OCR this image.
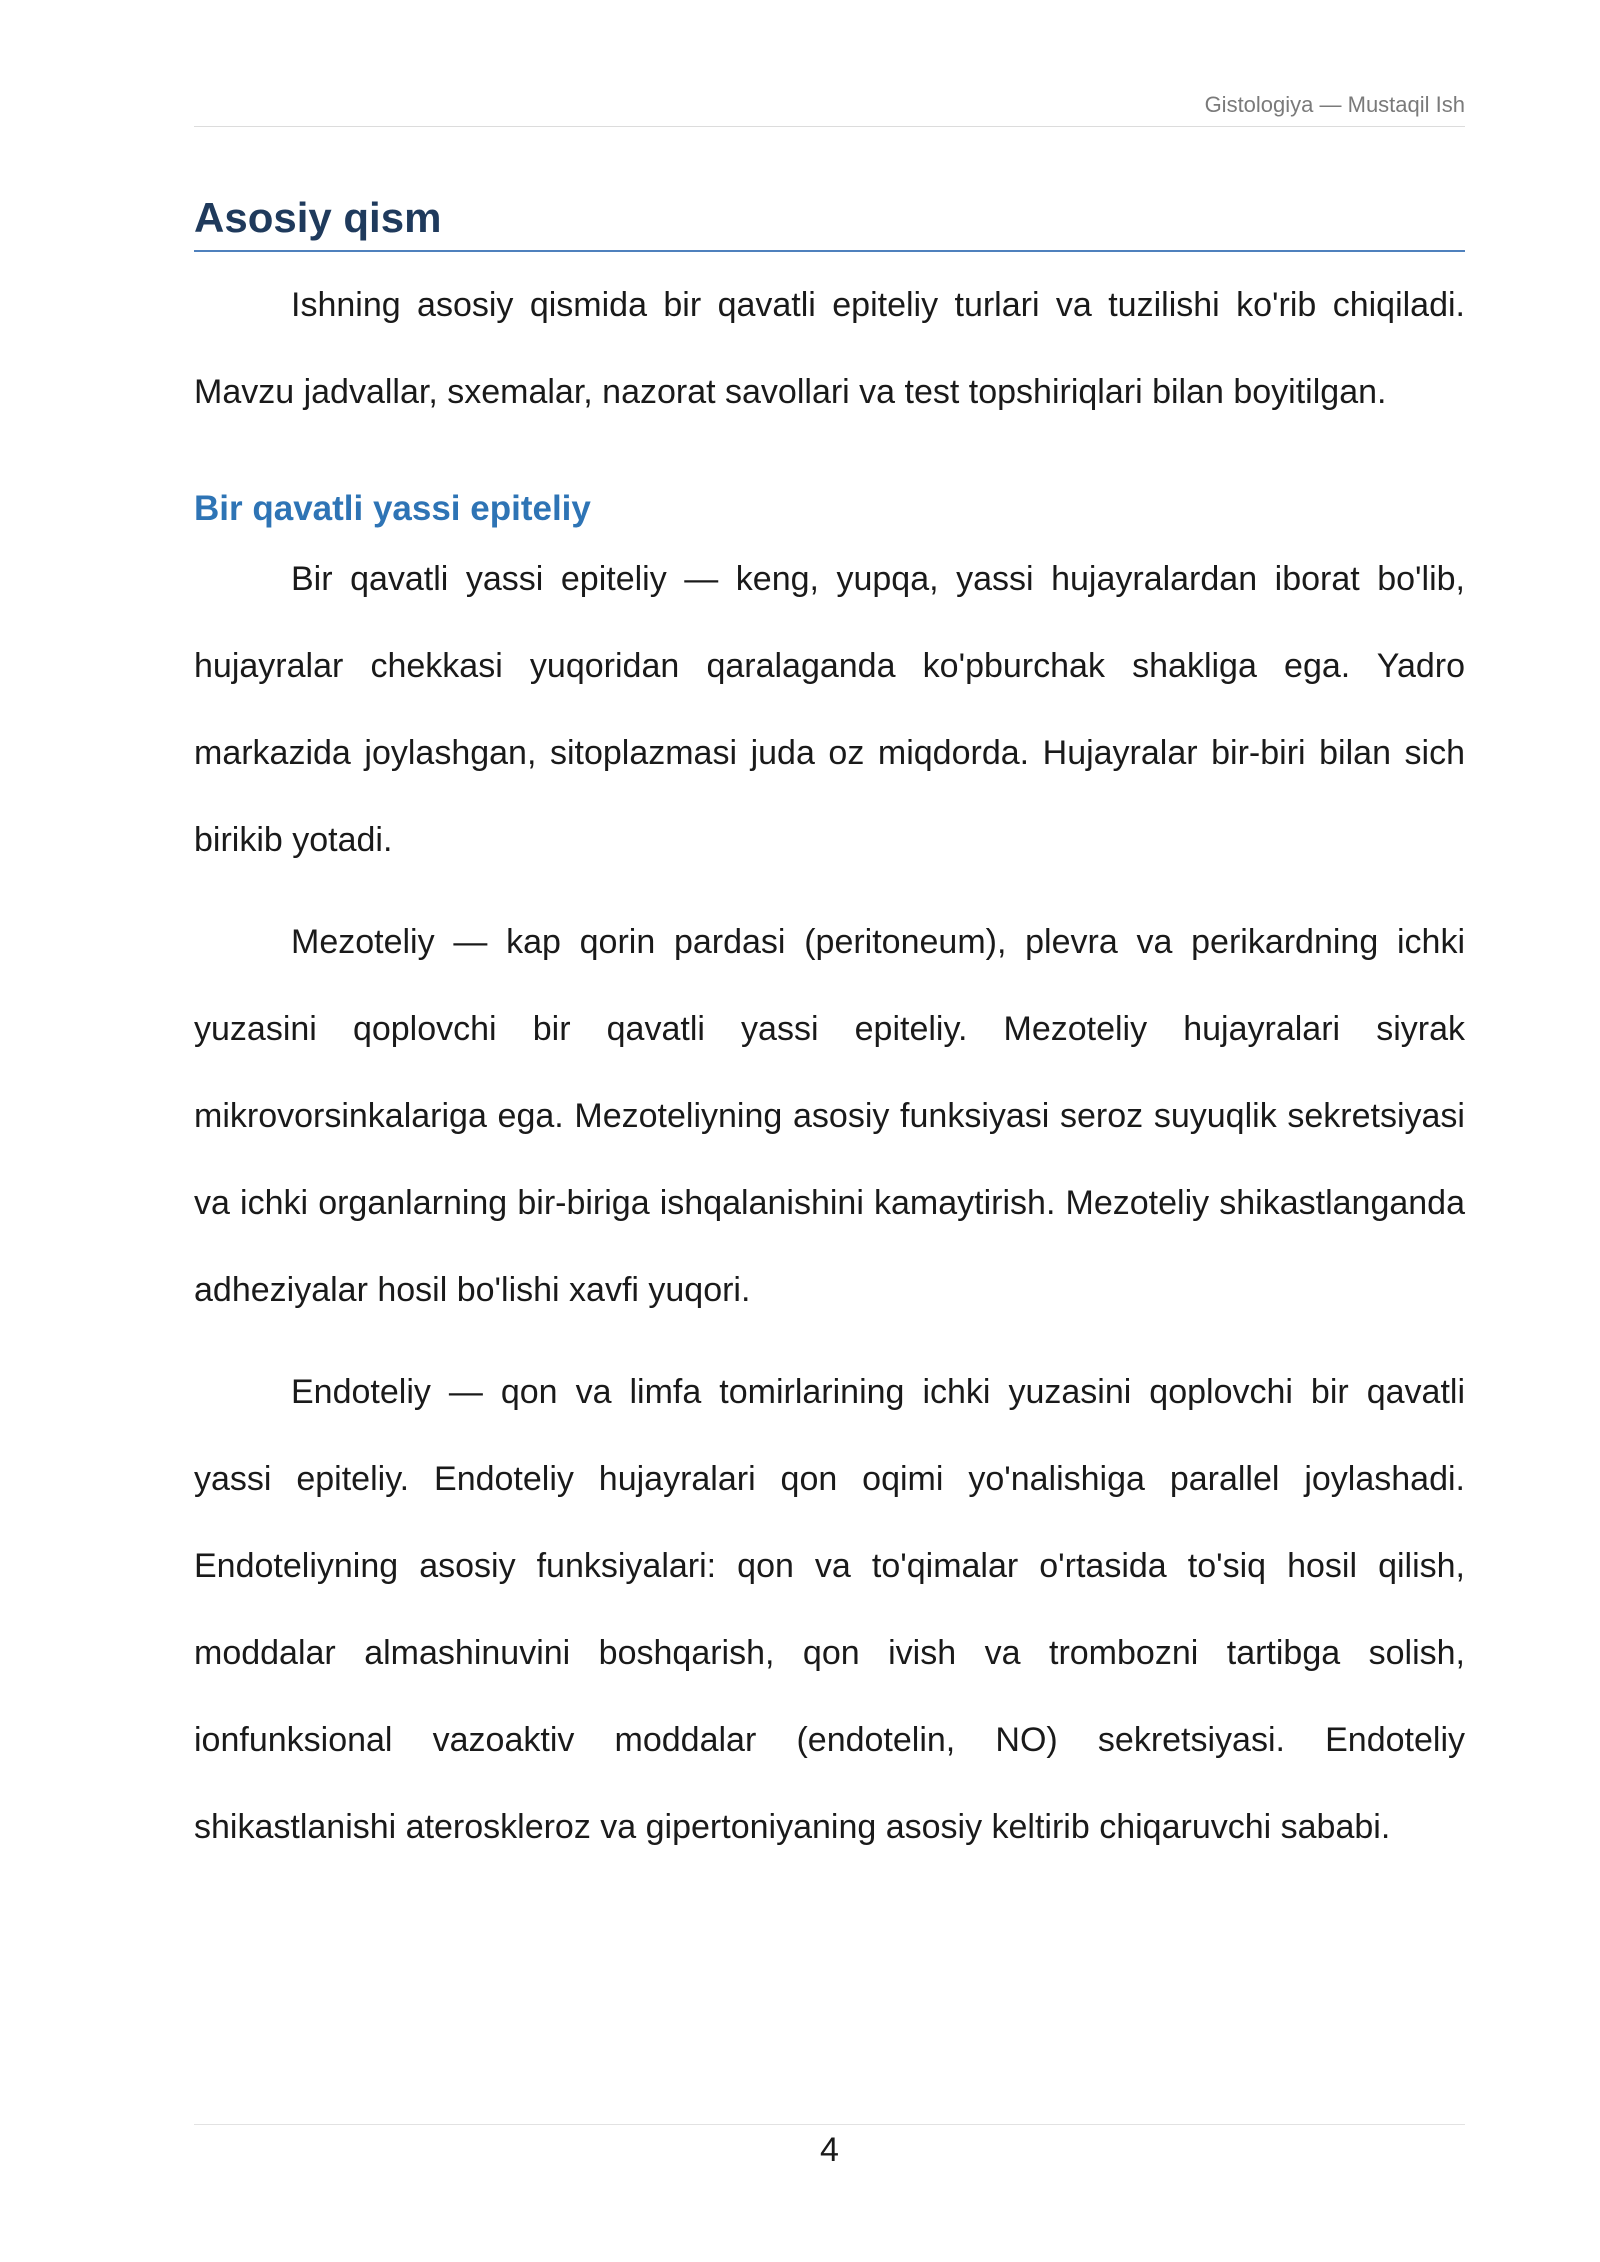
Gistologiya — Mustaqil Ish
Asosiy qism

Ishning asosiy qismida bir qavatli epiteliy turlari va tuzilishi ko'rib chiqiladi. Mavzu jadvallar, sxemalar, nazorat savollari va test topshiriqlari bilan boyitilgan.

Bir qavatli yassi epiteliy

Bir qavatli yassi epiteliy — keng, yupqa, yassi hujayralardan iborat bo'lib, hujayralar chekkasi yuqoridan qaralaganda ko'pburchak shakliga ega. Yadro markazida joylashgan, sitoplazmasi juda oz miqdorda. Hujayralar bir-biri bilan sich birikib yotadi.

Mezoteliy — kap qorin pardasi (peritoneum), plevra va perikardning ichki yuzasini qoplovchi bir qavatli yassi epiteliy. Mezoteliy hujayralari siyrak mikrovorsinkalariga ega. Mezoteliyning asosiy funksiyasi seroz suyuqlik sekretsiyasi va ichki organlarning bir-biriga ishqalanishini kamaytirish. Mezoteliy shikastlanganda adheziyalar hosil bo'lishi xavfi yuqori.

Endoteliy — qon va limfa tomirlarining ichki yuzasini qoplovchi bir qavatli yassi epiteliy. Endoteliy hujayralari qon oqimi yo'nalishiga parallel joylashadi. Endoteliyning asosiy funksiyalari: qon va to'qimalar o'rtasida to'siq hosil qilish, moddalar almashinuvini boshqarish, qon ivish va trombozni tartibga solish, ionfunksional vazoaktiv moddalar (endotelin, NO) sekretsiyasi. Endoteliy shikastlanishi ateroskleroz va gipertoniyaning asosiy keltirib chiqaruvchi sababi.

4
